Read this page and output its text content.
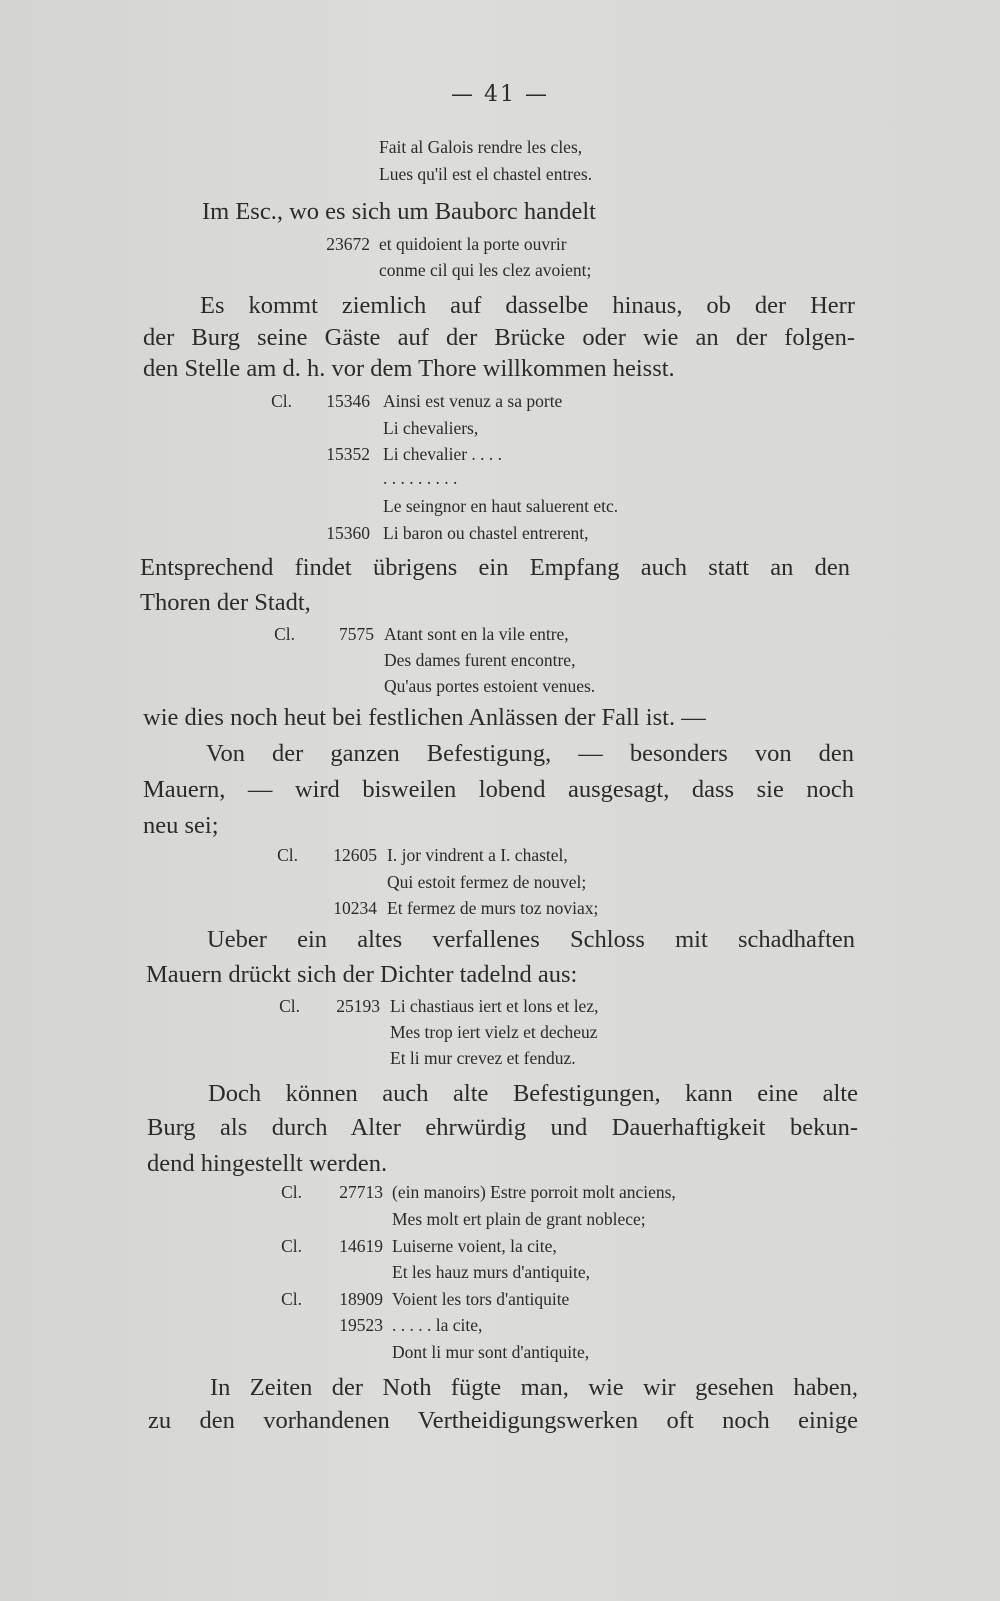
— 41 —
Fait al Galois rendre les cles,
Lues qu'il est el chastel entres.
Im Esc., wo es sich um Bauborc handelt
23672 et quidoient la porte ouvrir
conme cil qui les clez avoient;
Es kommt ziemlich auf dasselbe hinaus, ob der Herr
der Burg seine Gäste auf der Brücke oder wie an der folgen-
den Stelle am d. h. vor dem Thore willkommen heisst.
Cl.	15346 Ainsi est venuz a sa porte
Li chevaliers,
15352 Li chevalier . . . .
. . . . . . . . .
Le seingnor en haut saluerent etc.
15360 Li baron ou chastel entrerent,
Entsprechend findet übrigens ein Empfang auch statt an den
Thoren der Stadt,
Cl.	7575 Atant sont en la vile entre,
Des dames furent encontre,
Qu'aus portes estoient venues.
wie dies noch heut bei festlichen Anlässen der Fall ist. —
Von der ganzen Befestigung, — besonders von den
Mauern, — wird bisweilen lobend ausgesagt, dass sie noch
neu sei;
Cl.	12605 I. jor vindrent a I. chastel,
Qui estoit fermez de nouvel;
10234 Et fermez de murs toz noviax;
Ueber ein altes verfallenes Schloss mit schadhaften
Mauern drückt sich der Dichter tadelnd aus:
Cl.	25193 Li chastiaus iert et lons et lez,
Mes trop iert vielz et decheuz
Et li mur crevez et fenduz.
Doch können auch alte Befestigungen, kann eine alte
Burg als durch Alter ehrwürdig und Dauerhaftigkeit bekun-
dend hingestellt werden.
Cl.	27713 (ein manoirs) Estre porroit molt anciens,
Mes molt ert plain de grant noblece;
Cl.	14619 Luiserne voient, la cite,
Et les hauz murs d'antiquite,
Cl.	18909 Voient les tors d'antiquite
19523 . . . . . la cite,
Dont li mur sont d'antiquite,
In Zeiten der Noth fügte man, wie wir gesehen haben,
zu den vorhandenen Vertheidigungswerken oft noch einige
